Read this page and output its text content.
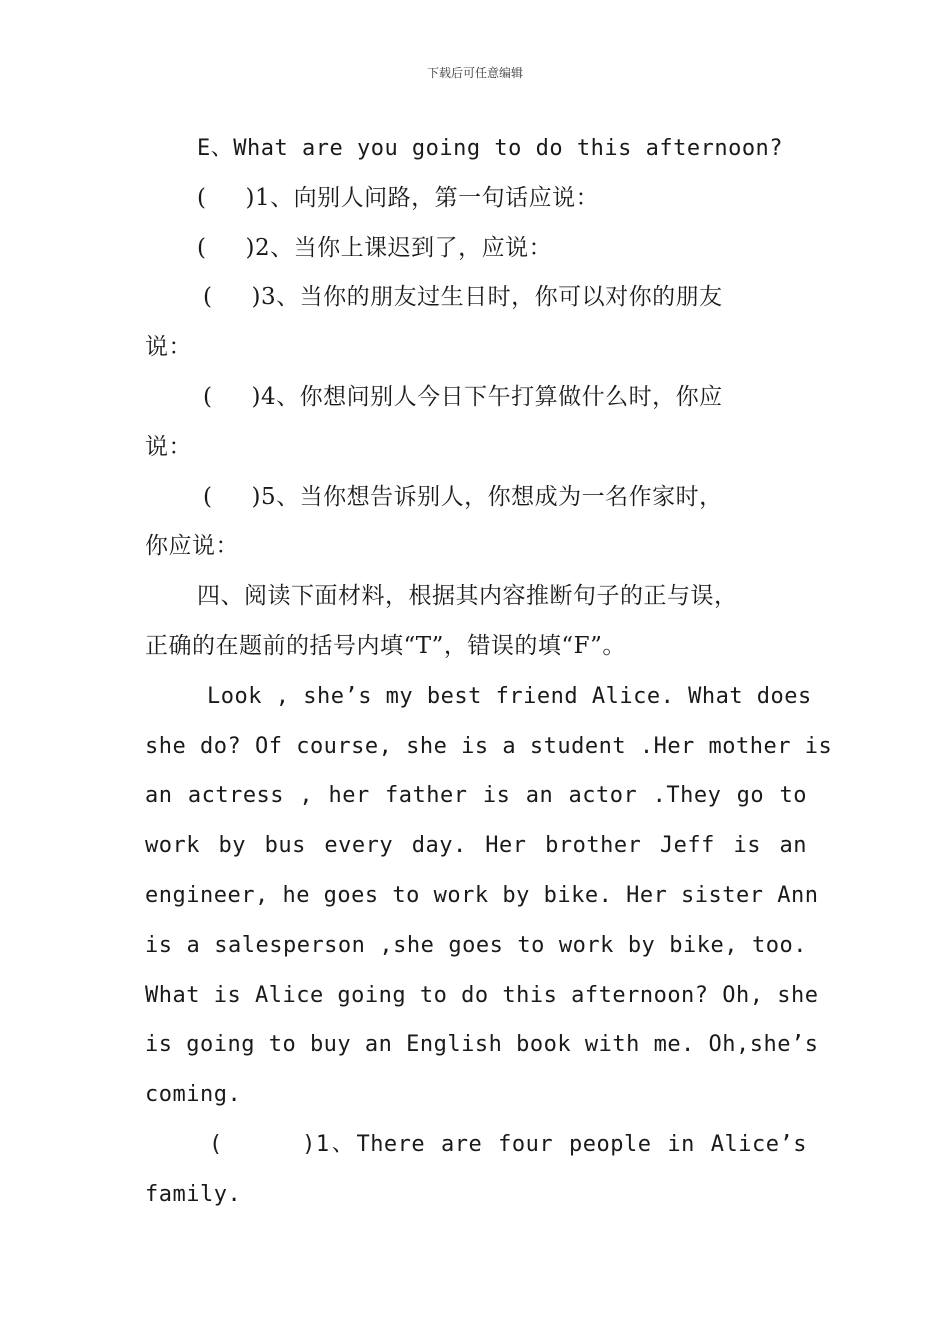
下载后可任意编辑
E、What are you going to do this afternoon?
(     )1、向别人问路，第一句话应说：
(     )2、当你上课迟到了，应说：
(     )3、当你的朋友过生日时，你可以对你的朋友
说：
(     )4、你想问别人今日下午打算做什么时，你应
说：
(     )5、当你想告诉别人，你想成为一名作家时，
你应说：
四、阅读下面材料，根据其内容推断句子的正与误，
正确的在题前的括号内填“T”，错误的填“F”。
Look , she’s my best friend Alice. What does
she do? Of course, she is a student .Her mother is
an actress , her father is an actor .They go to
work by bus every day. Her brother Jeff is an
engineer, he goes to work by bike. Her sister Ann
is a salesperson ,she goes to work by bike, too.
What is Alice going to do this afternoon? Oh, she
is going to buy an English book with me. Oh,she’s
coming.
(     )1、There are four people in Alice’s
family.
